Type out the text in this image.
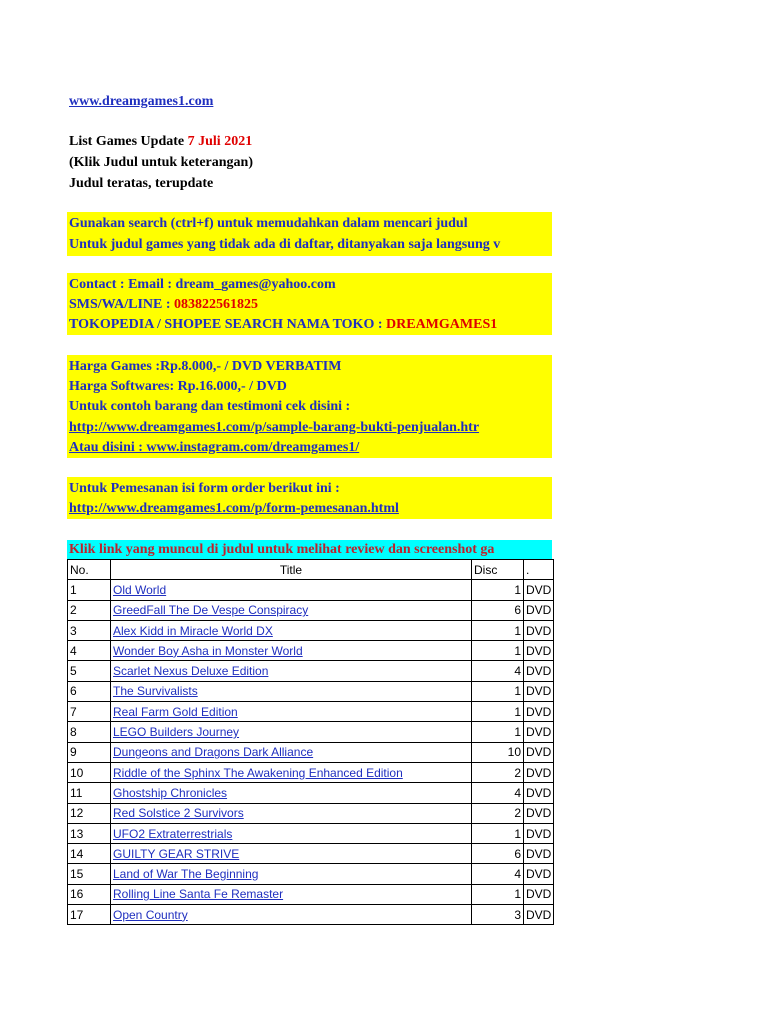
www.dreamgames1.com
List Games Update 7 Juli 2021
(Klik Judul untuk keterangan)
Judul teratas, terupdate
Gunakan search (ctrl+f) untuk memudahkan dalam mencari judul
Untuk judul games yang tidak ada di daftar, ditanyakan saja langsung v
Contact : Email : dream_games@yahoo.com
SMS/WA/LINE : 083822561825
TOKOPEDIA / SHOPEE SEARCH NAMA TOKO : DREAMGAMES1
Harga Games :Rp.8.000,- / DVD VERBATIM
Harga Softwares: Rp.16.000,- / DVD
Untuk contoh barang dan testimoni cek disini :
http://www.dreamgames1.com/p/sample-barang-bukti-penjualan.htr
Atau disini : www.instagram.com/dreamgames1/
Untuk Pemesanan isi form order berikut ini :
http://www.dreamgames1.com/p/form-pemesanan.html
Klik link yang muncul di judul untuk melihat review dan screenshot ga
No.	Title	Disc	.
1	Old World	1	DVD
2	GreedFall The De Vespe Conspiracy	6	DVD
3	Alex Kidd in Miracle World DX	1	DVD
4	Wonder Boy Asha in Monster World	1	DVD
5	Scarlet Nexus Deluxe Edition	4	DVD
6	The Survivalists	1	DVD
7	Real Farm Gold Edition	1	DVD
8	LEGO Builders Journey	1	DVD
9	Dungeons and Dragons Dark Alliance	10	DVD
10	Riddle of the Sphinx The Awakening Enhanced Edition	2	DVD
11	Ghostship Chronicles	4	DVD
12	Red Solstice 2 Survivors	2	DVD
13	UFO2 Extraterrestrials	1	DVD
14	GUILTY GEAR STRIVE	6	DVD
15	Land of War The Beginning	4	DVD
16	Rolling Line Santa Fe Remaster	1	DVD
17	Open Country	3	DVD
